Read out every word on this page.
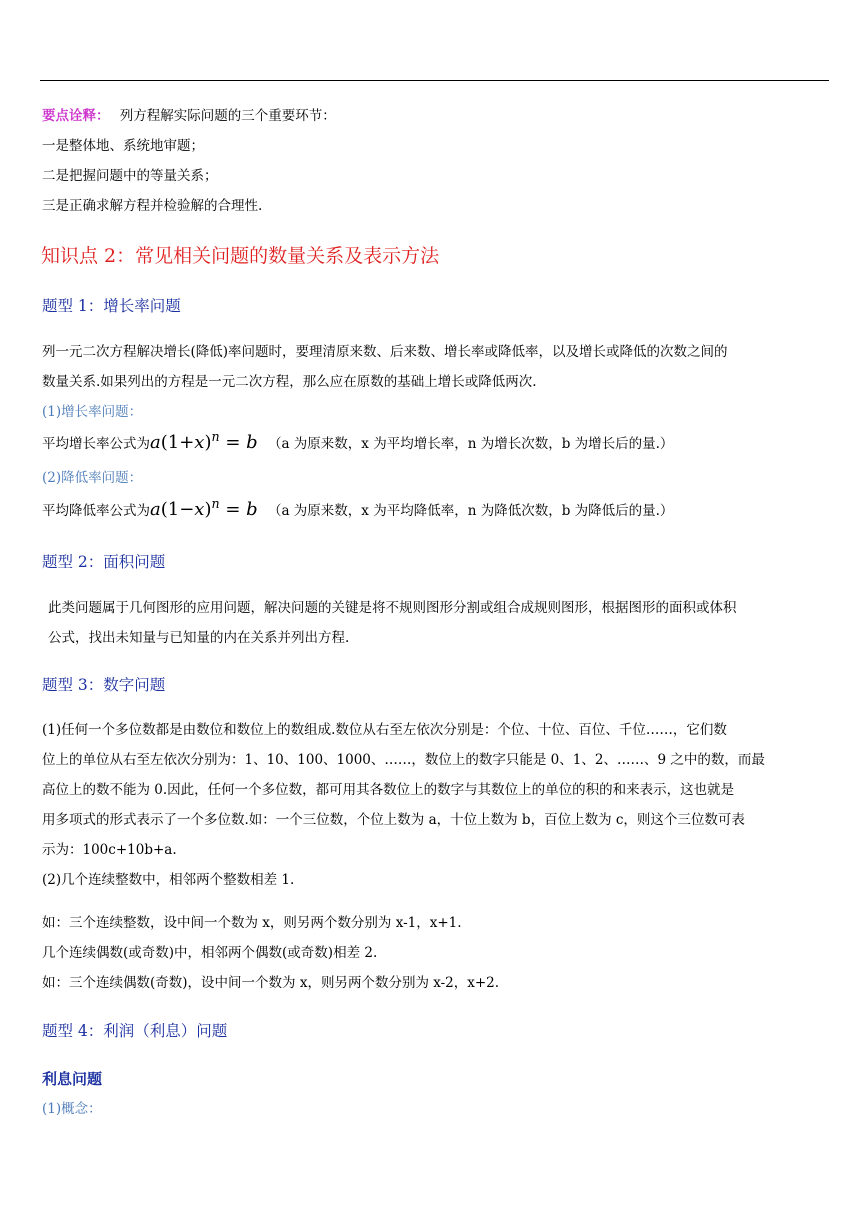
要点诠释： 列方程解实际问题的三个重要环节：
一是整体地、系统地审题；
二是把握问题中的等量关系；
三是正确求解方程并检验解的合理性.
知识点 2：常见相关问题的数量关系及表示方法
题型 1：增长率问题
列一元二次方程解决增长(降低)率问题时，要理清原来数、后来数、增长率或降低率，以及增长或降低的次数之间的
数量关系.如果列出的方程是一元二次方程，那么应在原数的基础上增长或降低两次.
(1)增长率问题：
平均增长率公式为$a(1+x)^n = b$ （a 为原来数，x 为平均增长率，n 为增长次数，b 为增长后的量.）
(2)降低率问题：
平均降低率公式为$a(1-x)^n = b$ （a 为原来数，x 为平均降低率，n 为降低次数，b 为降低后的量.）
题型 2：面积问题
此类问题属于几何图形的应用问题，解决问题的关键是将不规则图形分割或组合成规则图形，根据图形的面积或体积
公式，找出未知量与已知量的内在关系并列出方程.
题型 3：数字问题
(1)任何一个多位数都是由数位和数位上的数组成.数位从右至左依次分别是：个位、十位、百位、千位……，它们数
位上的单位从右至左依次分别为：1、10、100、1000、……，数位上的数字只能是 0、1、2、……、9 之中的数，而最
高位上的数不能为 0.因此，任何一个多位数，都可用其各数位上的数字与其数位上的单位的积的和来表示，这也就是
用多项式的形式表示了一个多位数.如：一个三位数，个位上数为 a，十位上数为 b，百位上数为 c，则这个三位数可表
示为：100c+10b+a.
(2)几个连续整数中，相邻两个整数相差 1.
如：三个连续整数，设中间一个数为 x，则另两个数分别为 x-1，x+1.
几个连续偶数(或奇数)中，相邻两个偶数(或奇数)相差 2.
如：三个连续偶数(奇数)，设中间一个数为 x，则另两个数分别为 x-2，x+2.
题型 4：利润（利息）问题
利息问题
(1)概念：
